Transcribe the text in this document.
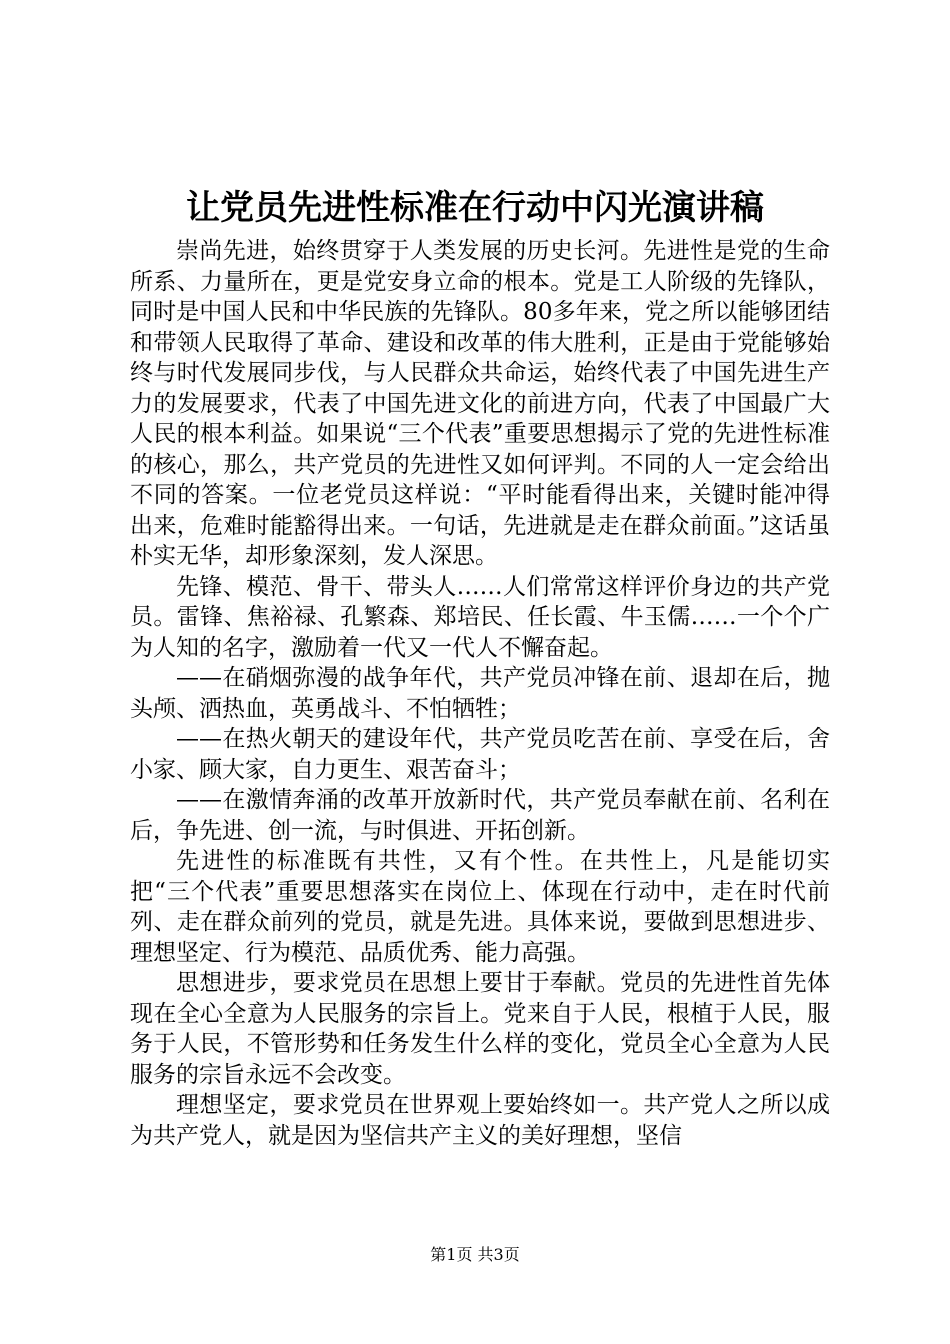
让党员先进性标准在行动中闪光演讲稿

崇尚先进，始终贯穿于人类发展的历史长河。先进性是党的生命所系、力量所在，更是党安身立命的根本。党是工人阶级的先锋队，同时是中国人民和中华民族的先锋队。80多年来，党之所以能够团结和带领人民取得了革命、建设和改革的伟大胜利，正是由于党能够始终与时代发展同步伐，与人民群众共命运，始终代表了中国先进生产力的发展要求，代表了中国先进文化的前进方向，代表了中国最广大人民的根本利益。如果说“三个代表”重要思想揭示了党的先进性标准的核心，那么，共产党员的先进性又如何评判。不同的人一定会给出不同的答案。一位老党员这样说：“平时能看得出来，关键时能冲得出来，危难时能豁得出来。一句话，先进就是走在群众前面。”这话虽朴实无华，却形象深刻，发人深思。

先锋、模范、骨干、带头人……人们常常这样评价身边的共产党员。雷锋、焦裕禄、孔繁森、郑培民、任长霞、牛玉儒……一个个广为人知的名字，激励着一代又一代人不懈奋起。

——在硝烟弥漫的战争年代，共产党员冲锋在前、退却在后，抛头颅、洒热血，英勇战斗、不怕牺牲；

——在热火朝天的建设年代，共产党员吃苦在前、享受在后，舍小家、顾大家，自力更生、艰苦奋斗；

——在激情奔涌的改革开放新时代，共产党员奉献在前、名利在后，争先进、创一流，与时俱进、开拓创新。

先进性的标准既有共性，又有个性。在共性上，凡是能切实把“三个代表”重要思想落实在岗位上、体现在行动中，走在时代前列、走在群众前列的党员，就是先进。具体来说，要做到思想进步、理想坚定、行为模范、品质优秀、能力高强。

思想进步，要求党员在思想上要甘于奉献。党员的先进性首先体现在全心全意为人民服务的宗旨上。党来自于人民，根植于人民，服务于人民，不管形势和任务发生什么样的变化，党员全心全意为人民服务的宗旨永远不会改变。

理想坚定，要求党员在世界观上要始终如一。共产党人之所以成为共产党人，就是因为坚信共产主义的美好理想，坚信

第1页 共3页
